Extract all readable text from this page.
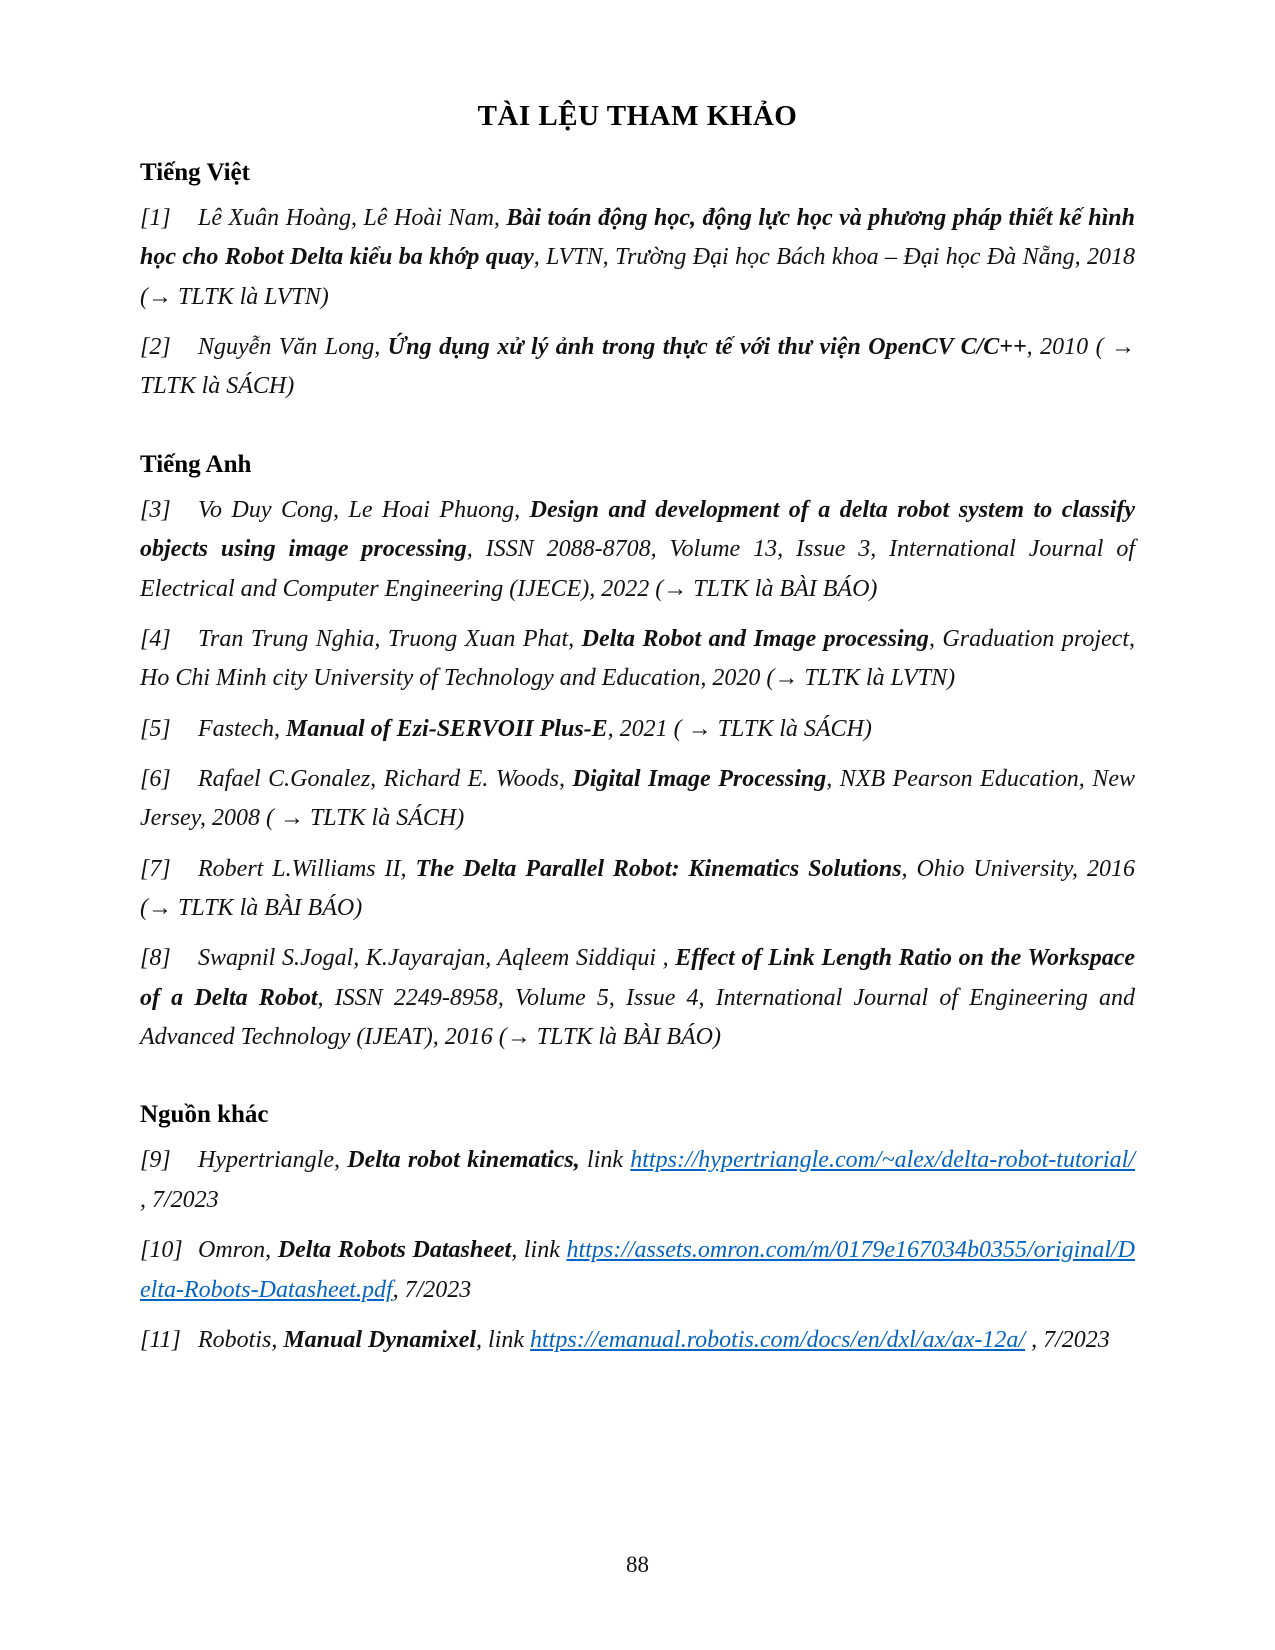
TÀI LỆU THAM KHẢO
Tiếng Việt

[1] Lê Xuân Hoàng, Lê Hoài Nam, Bài toán động học, động lực học và phương pháp thiết kế hình học cho Robot Delta kiểu ba khớp quay, LVTN, Trường Đại học Bách khoa – Đại học Đà Nẵng, 2018 (→ TLTK là LVTN)

[2] Nguyễn Văn Long, Ứng dụng xử lý ảnh trong thực tế với thư viện OpenCV C/C++, 2010 ( → TLTK là SÁCH)

Tiếng Anh

[3] Vo Duy Cong, Le Hoai Phuong, Design and development of a delta robot system to classify objects using image processing, ISSN 2088-8708, Volume 13, Issue 3, International Journal of Electrical and Computer Engineering (IJECE), 2022 (→ TLTK là BÀI BÁO)

[4] Tran Trung Nghia, Truong Xuan Phat, Delta Robot and Image processing, Graduation project, Ho Chi Minh city University of Technology and Education, 2020 (→ TLTK là LVTN)

[5] Fastech, Manual of Ezi-SERVOII Plus-E, 2021 ( → TLTK là SÁCH)

[6] Rafael C.Gonalez, Richard E. Woods, Digital Image Processing, NXB Pearson Education, New Jersey, 2008 ( → TLTK là SÁCH)

[7] Robert L.Williams II, The Delta Parallel Robot: Kinematics Solutions, Ohio University, 2016 (→ TLTK là BÀI BÁO)

[8] Swapnil S.Jogal, K.Jayarajan, Aqleem Siddiqui , Effect of Link Length Ratio on the Workspace of a Delta Robot, ISSN 2249-8958, Volume 5, Issue 4, International Journal of Engineering and Advanced Technology (IJEAT), 2016 (→ TLTK là BÀI BÁO)

Nguồn khác

[9] Hypertriangle, Delta robot kinematics, link https://hypertriangle.com/~alex/delta-robot-tutorial/ , 7/2023

[10] Omron, Delta Robots Datasheet, link https://assets.omron.com/m/0179e167034b0355/original/Delta-Robots-Datasheet.pdf, 7/2023

[11] Robotis, Manual Dynamixel, link https://emanual.robotis.com/docs/en/dxl/ax/ax-12a/ , 7/2023

88
